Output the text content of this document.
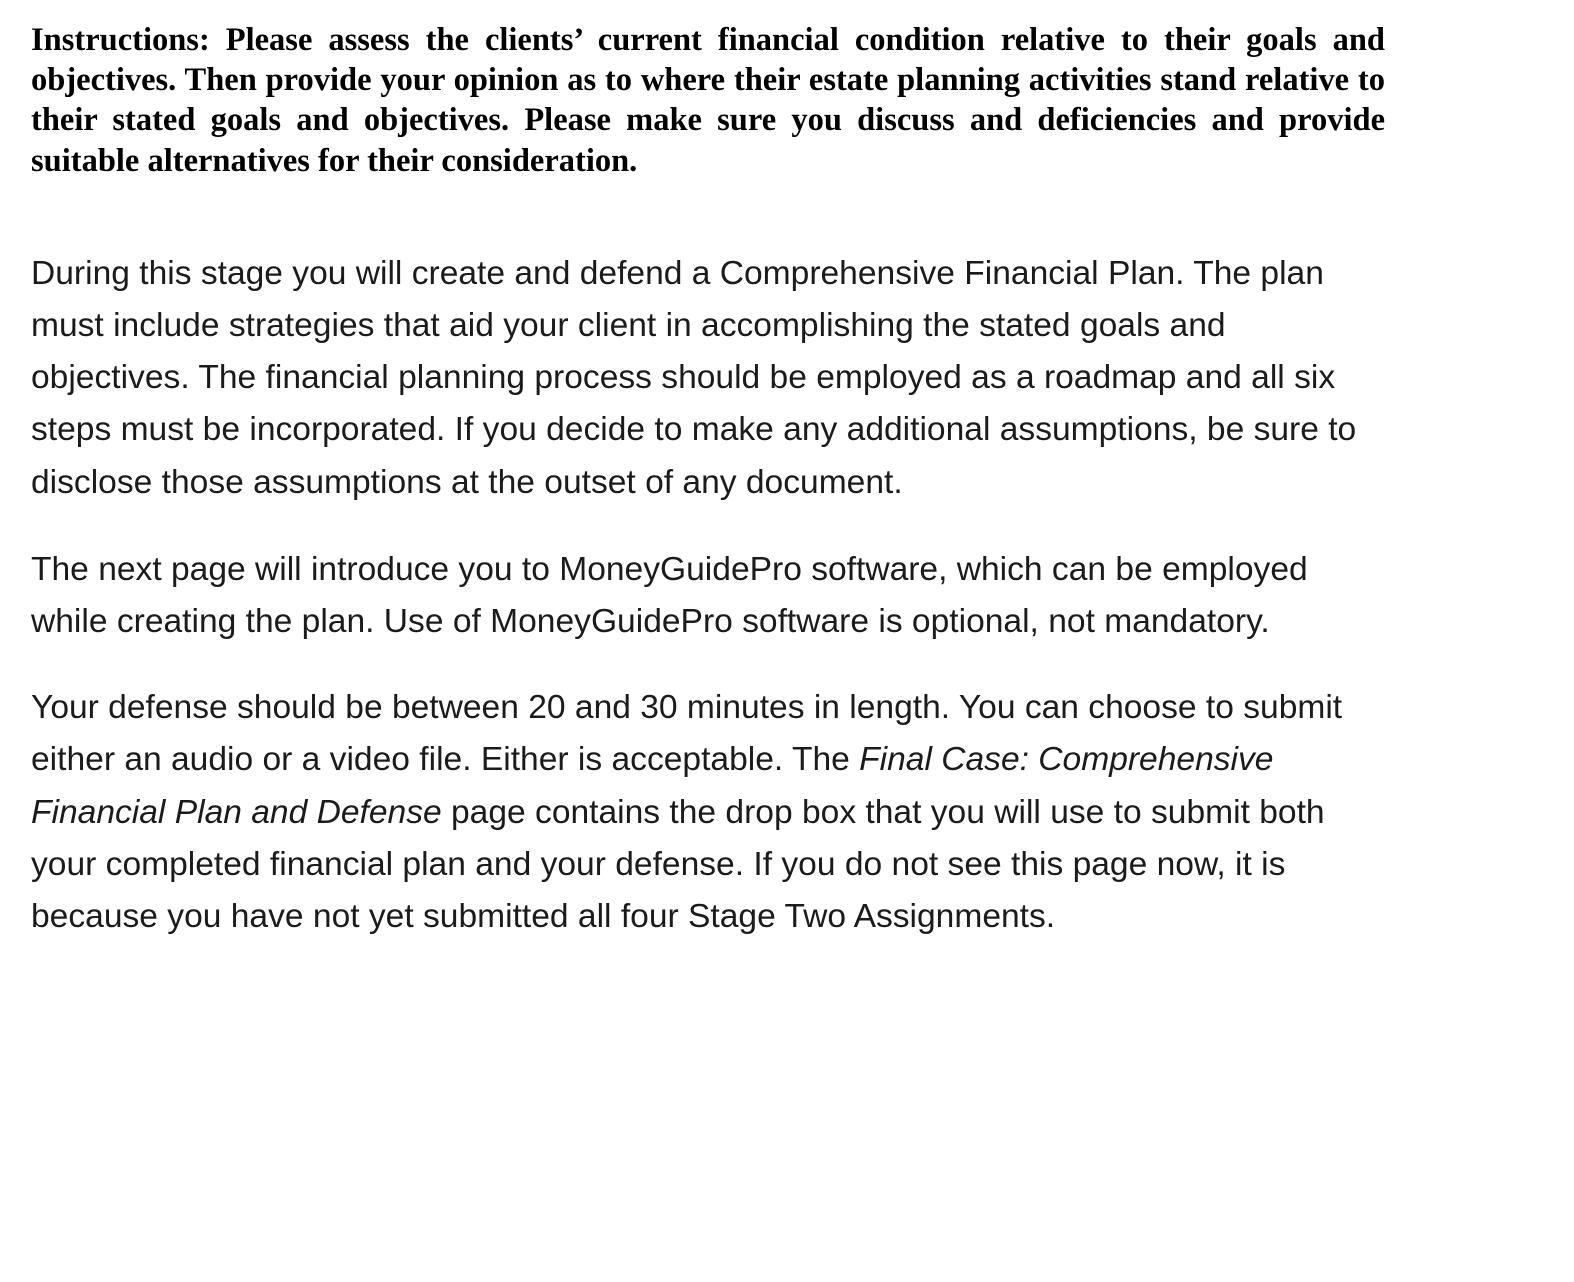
Instructions: Please assess the clients’ current financial condition relative to their goals and objectives. Then provide your opinion as to where their estate planning activities stand relative to their stated goals and objectives. Please make sure you discuss and deficiencies and provide suitable alternatives for their consideration.

During this stage you will create and defend a Comprehensive Financial Plan. The plan must include strategies that aid your client in accomplishing the stated goals and objectives. The financial planning process should be employed as a roadmap and all six steps must be incorporated. If you decide to make any additional assumptions, be sure to disclose those assumptions at the outset of any document.

The next page will introduce you to MoneyGuidePro software, which can be employed while creating the plan. Use of MoneyGuidePro software is optional, not mandatory.

Your defense should be between 20 and 30 minutes in length. You can choose to submit either an audio or a video file. Either is acceptable. The Final Case: Comprehensive Financial Plan and Defense page contains the drop box that you will use to submit both your completed financial plan and your defense. If you do not see this page now, it is because you have not yet submitted all four Stage Two Assignments.
